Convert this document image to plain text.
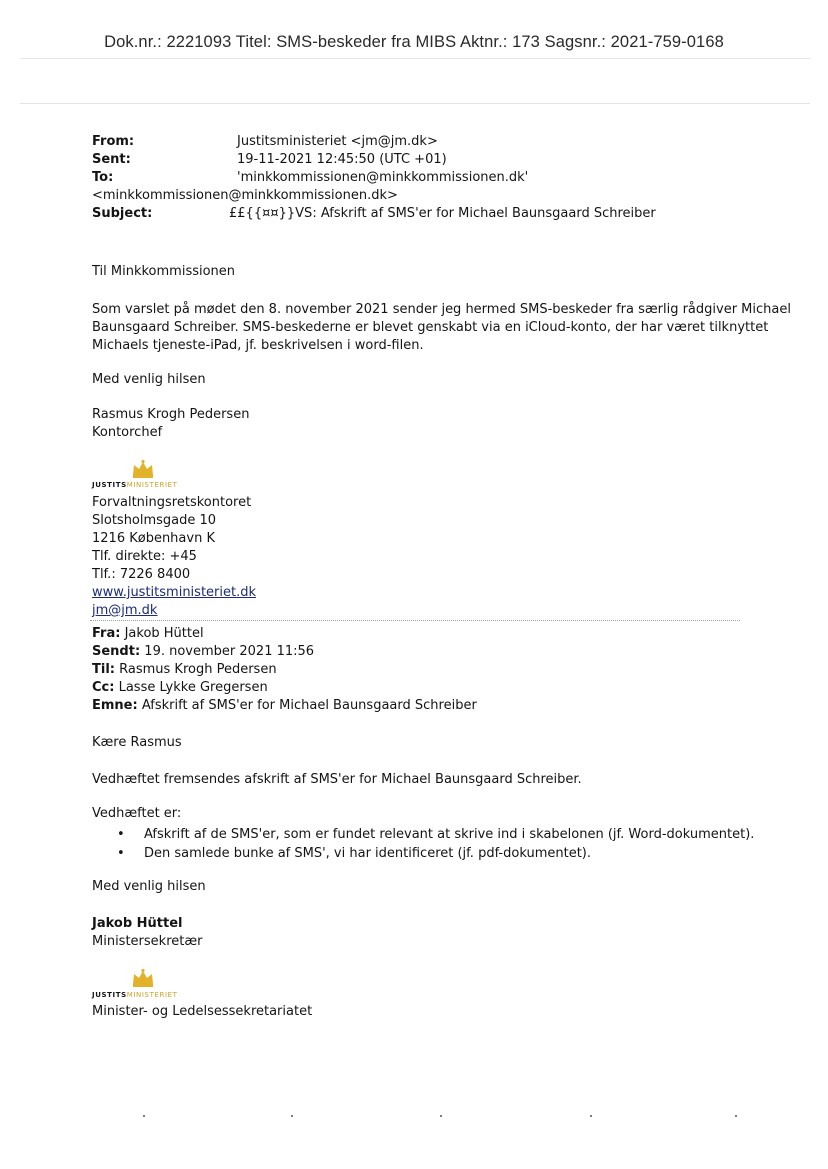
Dok.nr.: 2221093 Titel: SMS-beskeder fra MIBS Aktnr.: 173 Sagsnr.: 2021-759-0168
From:	Justitsministeriet <jm@jm.dk>
Sent:	19-11-2021 12:45:50 (UTC +01)
To:	'minkkommissionen@minkkommissionen.dk'
<minkkommissionen@minkkommissionen.dk>
Subject:	££{{¤¤}}VS: Afskrift af SMS'er for Michael Baunsgaard Schreiber
Til Minkkommissionen
Som varslet på mødet den 8. november 2021 sender jeg hermed SMS-beskeder fra særlig rådgiver Michael
Baunsgaard Schreiber. SMS-beskederne er blevet genskabt via en iCloud-konto, der har været tilknyttet
Michaels tjeneste-iPad, jf. beskrivelsen i word-filen.
Med venlig hilsen
Rasmus Krogh Pedersen
Kontorchef
JUSTITSMINISTERIET
Forvaltningsretskontoret
Slotsholmsgade 10
1216 København K
Tlf. direkte: +45
Tlf.: 7226 8400
www.justitsministeriet.dk
jm@jm.dk
Fra: Jakob Hüttel
Sendt: 19. november 2021 11:56
Til: Rasmus Krogh Pedersen
Cc: Lasse Lykke Gregersen
Emne: Afskrift af SMS'er for Michael Baunsgaard Schreiber
Kære Rasmus
Vedhæftet fremsendes afskrift af SMS'er for Michael Baunsgaard Schreiber.
Vedhæftet er:
• Afskrift af de SMS'er, som er fundet relevant at skrive ind i skabelonen (jf. Word-dokumentet).
• Den samlede bunke af SMS', vi har identificeret (jf. pdf-dokumentet).
Med venlig hilsen
Jakob Hüttel
Ministersekretær
JUSTITSMINISTERIET
Minister- og Ledelsessekretariatet
